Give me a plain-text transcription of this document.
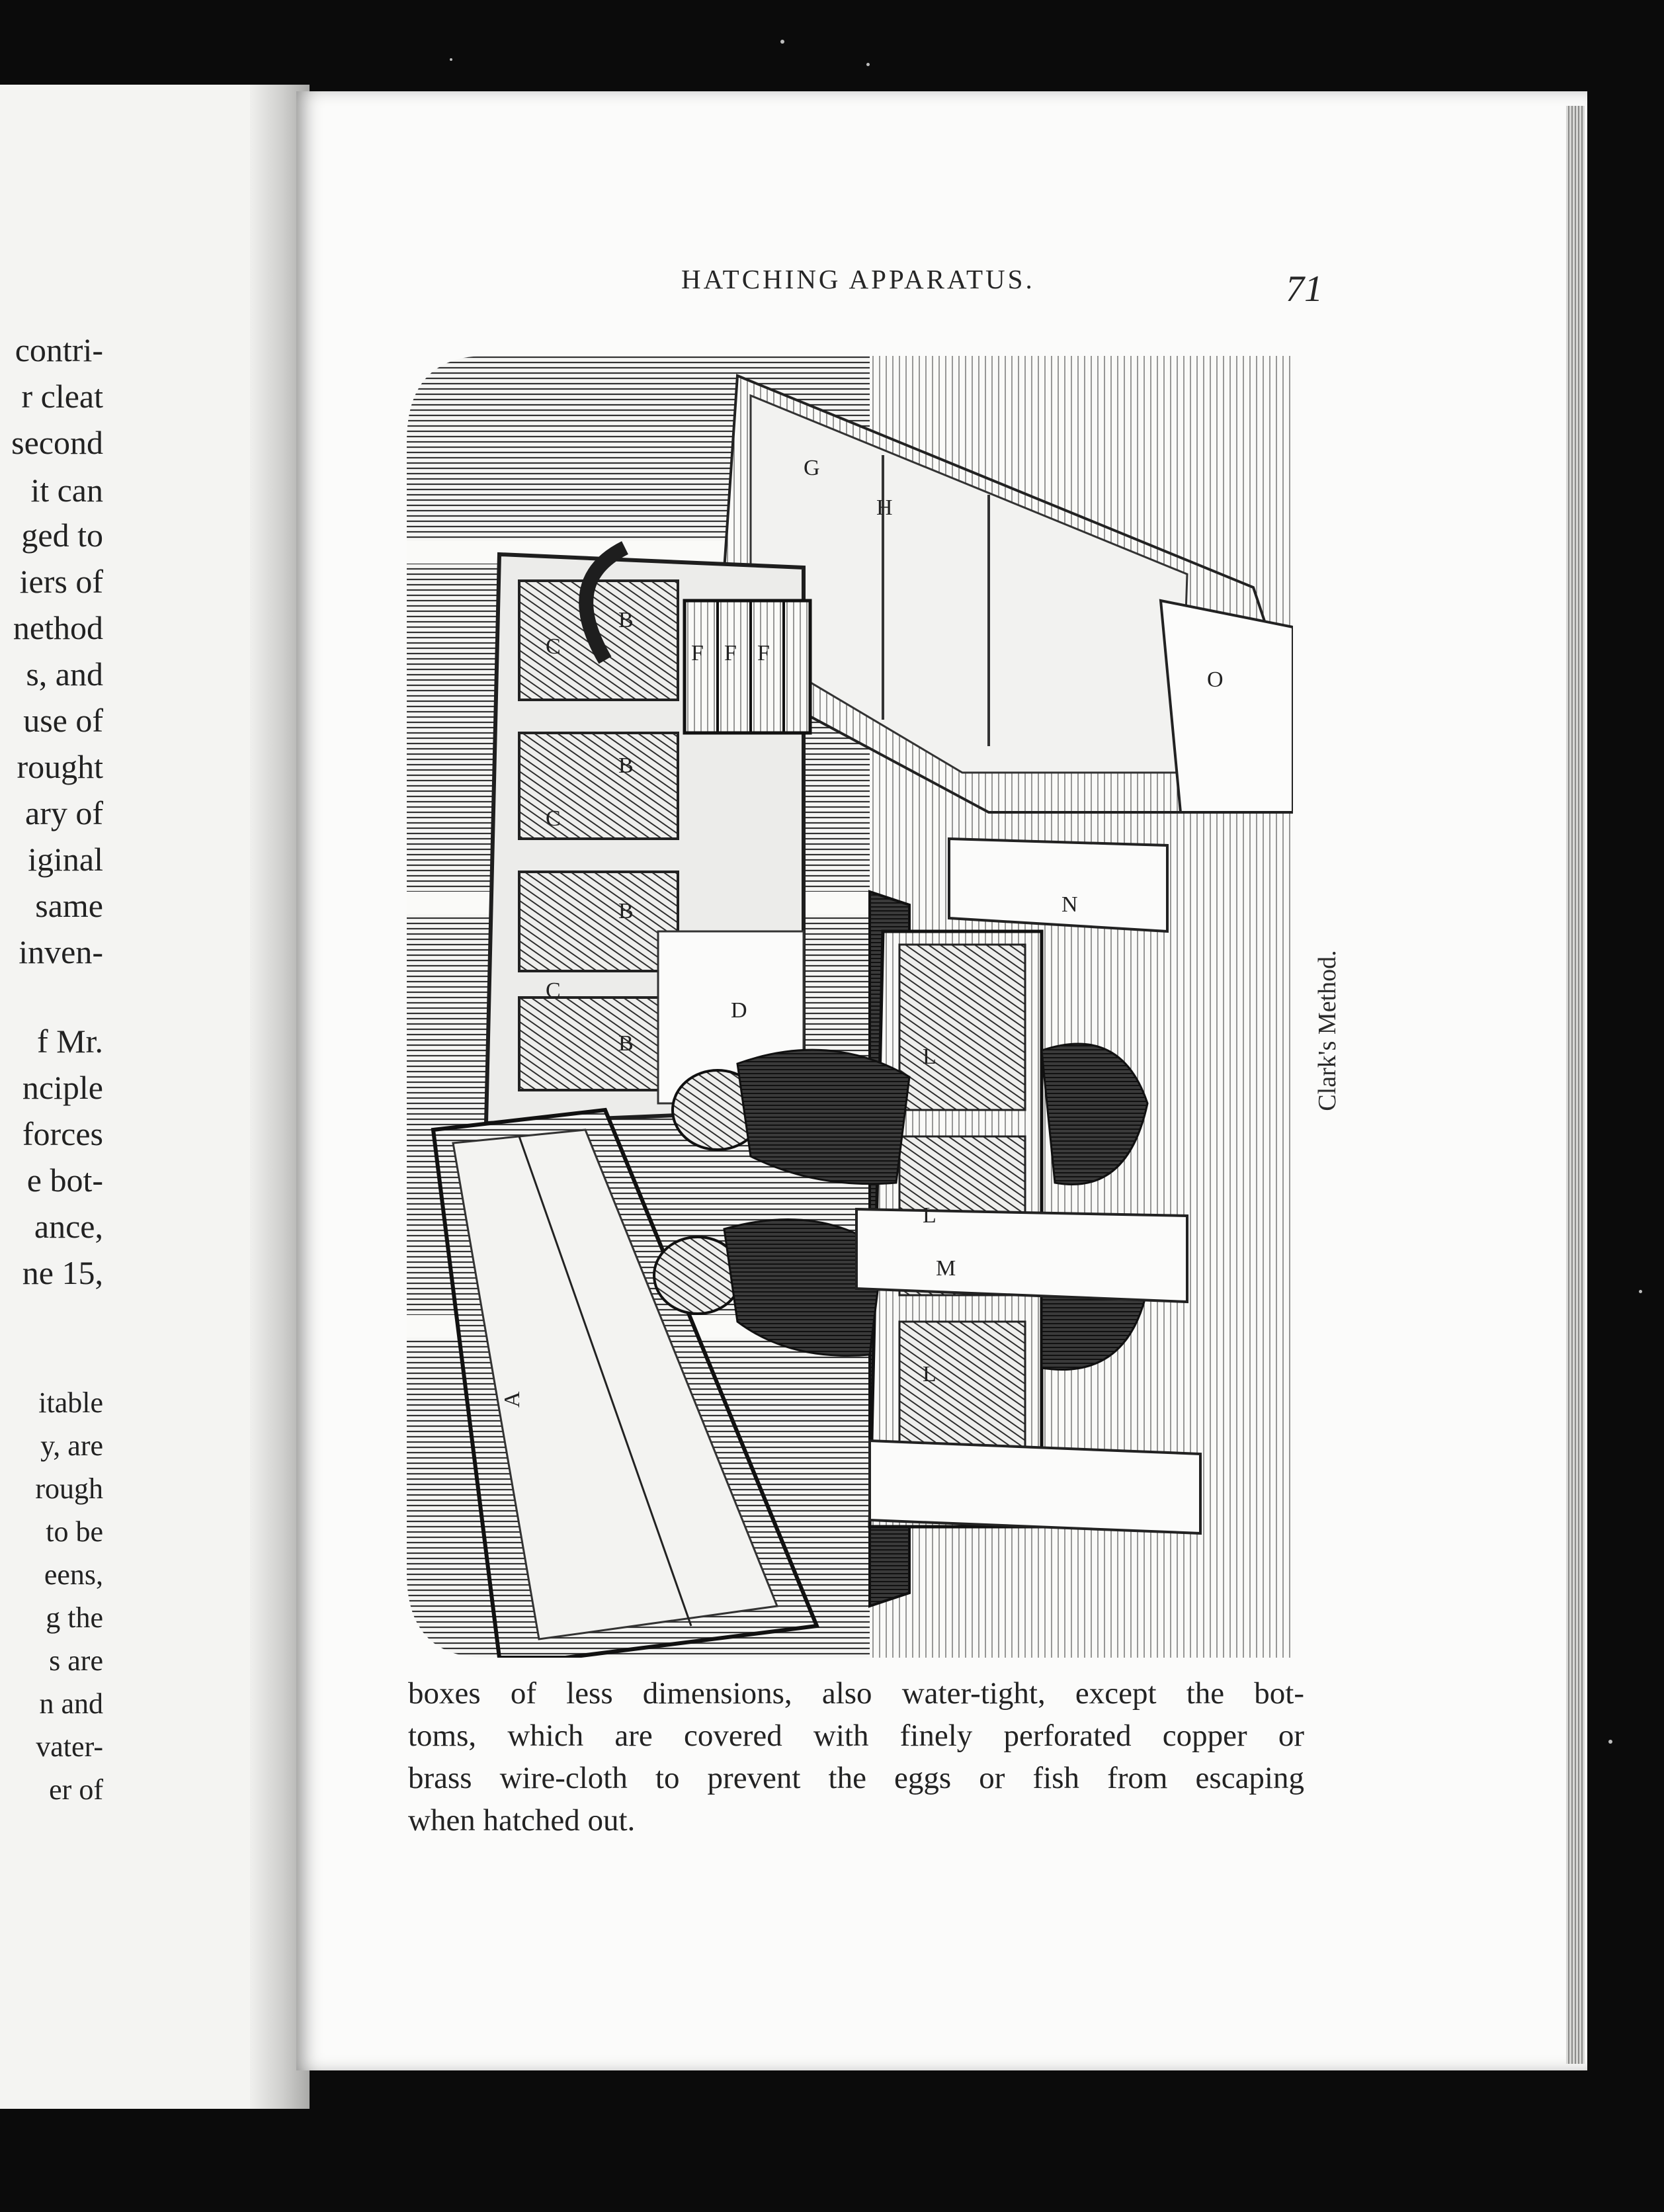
contri-
r cleat
second
it can
ged to
iers of
nethod
s, and
use of
rought
ary of
iginal
same
inven-
f Mr.
nciple
forces
e bot-
ance,
ne 15,
itable
y, are
rough
to be
eens,
g the
s are
n and
vater-
er of
HATCHING APPARATUS.	71
A
B
B
B
B
C
C
C
D
F F F
G
H
L
L
L
M
N
O
Clark's Method.
boxes of less dimensions, also water-tight, except the bot-
toms, which are covered with finely perforated copper or
brass wire-cloth to prevent the eggs or fish from escaping
when hatched out.
